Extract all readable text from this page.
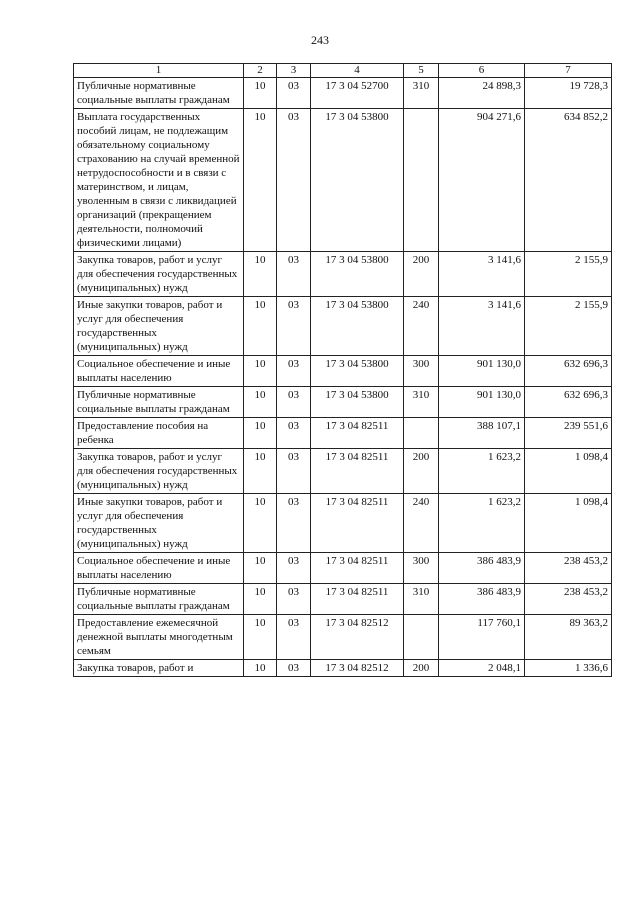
243
1	2	3	4	5	6	7
Публичные нормативные социальные выплаты гражданам	10	03	17 3 04 52700	310	24 898,3	19 728,3
Выплата государственных пособий лицам, не подлежащим обязательному социальному страхованию на случай временной нетрудоспособности и в связи с материнством, и лицам, уволенным в связи с ликвидацией организаций (прекращением деятельности, полномочий физическими лицами)	10	03	17 3 04 53800		904 271,6	634 852,2
Закупка товаров, работ и услуг для обеспечения государственных (муниципальных) нужд	10	03	17 3 04 53800	200	3 141,6	2 155,9
Иные закупки товаров, работ и услуг для обеспечения государственных (муниципальных) нужд	10	03	17 3 04 53800	240	3 141,6	2 155,9
Социальное обеспечение и иные выплаты населению	10	03	17 3 04 53800	300	901 130,0	632 696,3
Публичные нормативные социальные выплаты гражданам	10	03	17 3 04 53800	310	901 130,0	632 696,3
Предоставление пособия на ребенка	10	03	17 3 04 82511		388 107,1	239 551,6
Закупка товаров, работ и услуг для обеспечения государственных (муниципальных) нужд	10	03	17 3 04 82511	200	1 623,2	1 098,4
Иные закупки товаров, работ и услуг для обеспечения государственных (муниципальных) нужд	10	03	17 3 04 82511	240	1 623,2	1 098,4
Социальное обеспечение и иные выплаты населению	10	03	17 3 04 82511	300	386 483,9	238 453,2
Публичные нормативные социальные выплаты гражданам	10	03	17 3 04 82511	310	386 483,9	238 453,2
Предоставление ежемесячной денежной выплаты многодетным семьям	10	03	17 3 04 82512		117 760,1	89 363,2
Закупка товаров, работ и	10	03	17 3 04 82512	200	2 048,1	1 336,6
